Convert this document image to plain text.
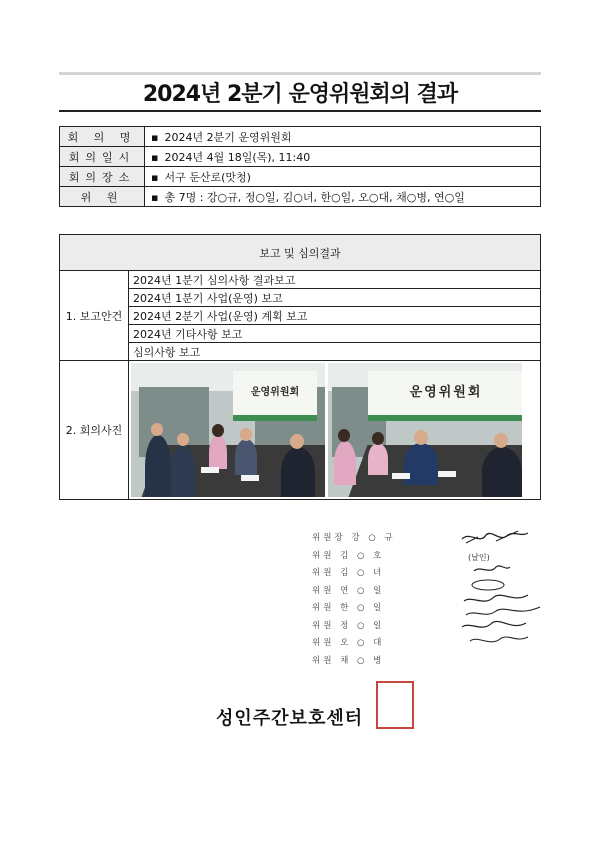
2024년 2분기 운영위원회의 결과
회 의 명	▪ 2024년 2분기 운영위원회
회의일시	▪ 2024년 4월 18일(목), 11:40
회의장소	▪ 서구 둔산로(맛청)
위 원	▪ 총 7명 : 강○규, 정○일, 김○녀, 한○일, 오○대, 채○병, 연○일
보고 및 심의결과	
1. 보고안건	2024년 1분기 심의사항 결과보고
	2024년 1분기 사업(운영) 보고
	2024년 2분기 사업(운영) 계획 보고
	2024년 기타사항 보고
	심의사항 보고
2. 회의사진	운영위원회 운영위원회
위원장 강 ○ 규
위원 김 ○ 호
위원 김 ○ 녀
위원 연 ○ 일
위원 한 ○ 일
위원 정 ○ 일
위원 오 ○ 대
위원 채 ○ 병
(날인)
성인주간보호센터
